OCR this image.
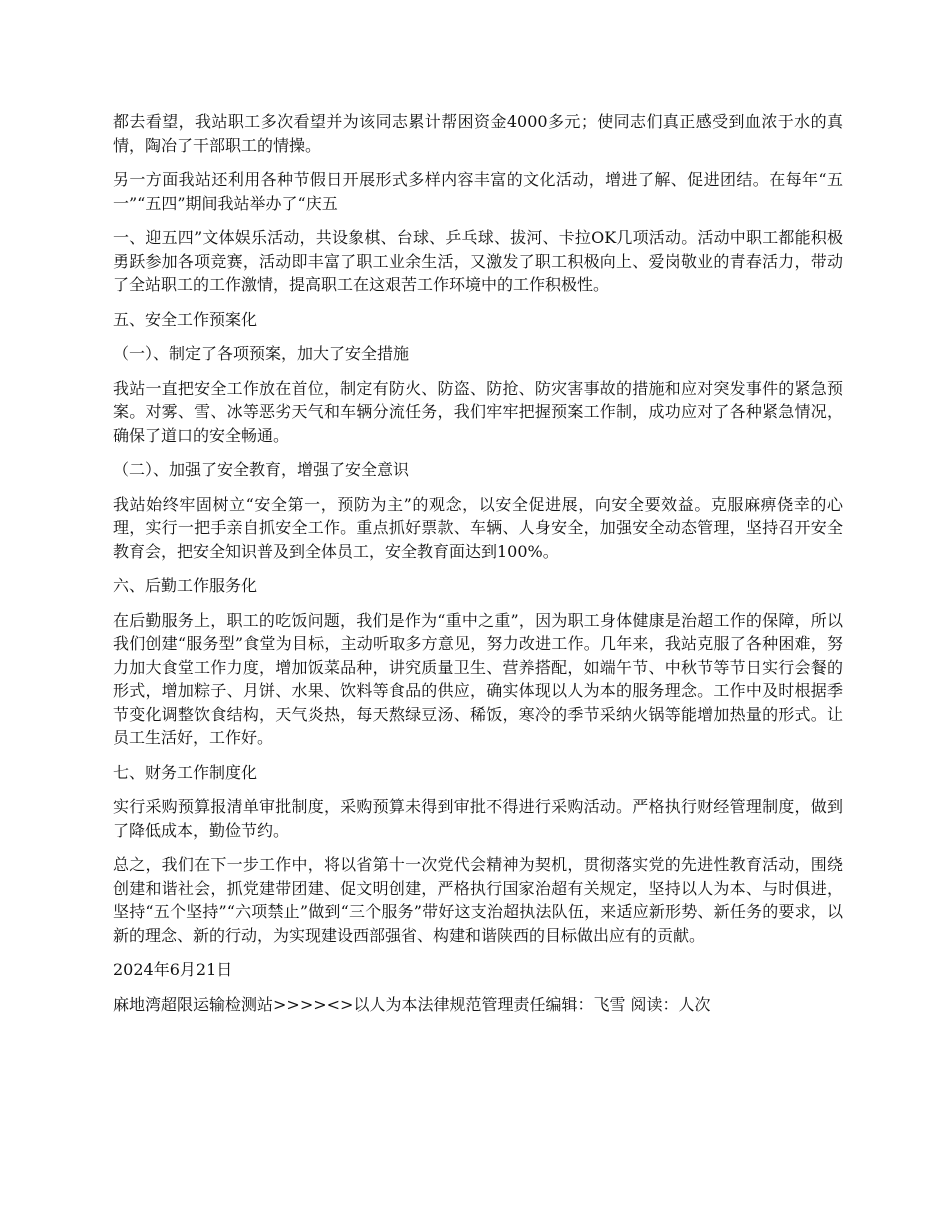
都去看望，我站职工多次看望并为该同志累计帮困资金4000多元；使同志们真正感受到血浓于水的真情，陶冶了干部职工的情操。

另一方面我站还利用各种节假日开展形式多样内容丰富的文化活动，增进了解、促进团结。在每年“五一”“五四”期间我站举办了“庆五

一、迎五四”文体娱乐活动，共设象棋、台球、乒乓球、拔河、卡拉OK几项活动。活动中职工都能积极勇跃参加各项竞赛，活动即丰富了职工业余生活，又激发了职工积极向上、爱岗敬业的青春活力，带动了全站职工的工作激情，提高职工在这艰苦工作环境中的工作积极性。

五、安全工作预案化

（一）、制定了各项预案，加大了安全措施

我站一直把安全工作放在首位，制定有防火、防盗、防抢、防灾害事故的措施和应对突发事件的紧急预案。对雾、雪、冰等恶劣天气和车辆分流任务，我们牢牢把握预案工作制，成功应对了各种紧急情况，确保了道口的安全畅通。

（二）、加强了安全教育，增强了安全意识

我站始终牢固树立“安全第一，预防为主”的观念，以安全促进展，向安全要效益。克服麻痹侥幸的心理，实行一把手亲自抓安全工作。重点抓好票款、车辆、人身安全，加强安全动态管理，坚持召开安全教育会，把安全知识普及到全体员工，安全教育面达到100%。

六、后勤工作服务化

在后勤服务上，职工的吃饭问题，我们是作为“重中之重”，因为职工身体健康是治超工作的保障，所以我们创建“服务型”食堂为目标，主动听取多方意见，努力改进工作。几年来，我站克服了各种困难，努力加大食堂工作力度，增加饭菜品种，讲究质量卫生、营养搭配，如端午节、中秋节等节日实行会餐的形式，增加粽子、月饼、水果、饮料等食品的供应，确实体现以人为本的服务理念。工作中及时根据季节变化调整饮食结构，天气炎热，每天熬绿豆汤、稀饭，寒冷的季节采纳火锅等能增加热量的形式。让员工生活好，工作好。

七、财务工作制度化

实行采购预算报清单审批制度，采购预算未得到审批不得进行采购活动。严格执行财经管理制度，做到了降低成本，勤俭节约。

总之，我们在下一步工作中，将以省第十一次党代会精神为契机，贯彻落实党的先进性教育活动，围绕创建和谐社会，抓党建带团建、促文明创建，严格执行国家治超有关规定，坚持以人为本、与时俱进，坚持“五个坚持”“六项禁止”做到“三个服务”带好这支治超执法队伍，来适应新形势、新任务的要求，以新的理念、新的行动，为实现建设西部强省、构建和谐陕西的目标做出应有的贡献。

2024年6月21日

麻地湾超限运输检测站>>>><>以人为本法律规范管理责任编辑：飞雪 阅读：人次
